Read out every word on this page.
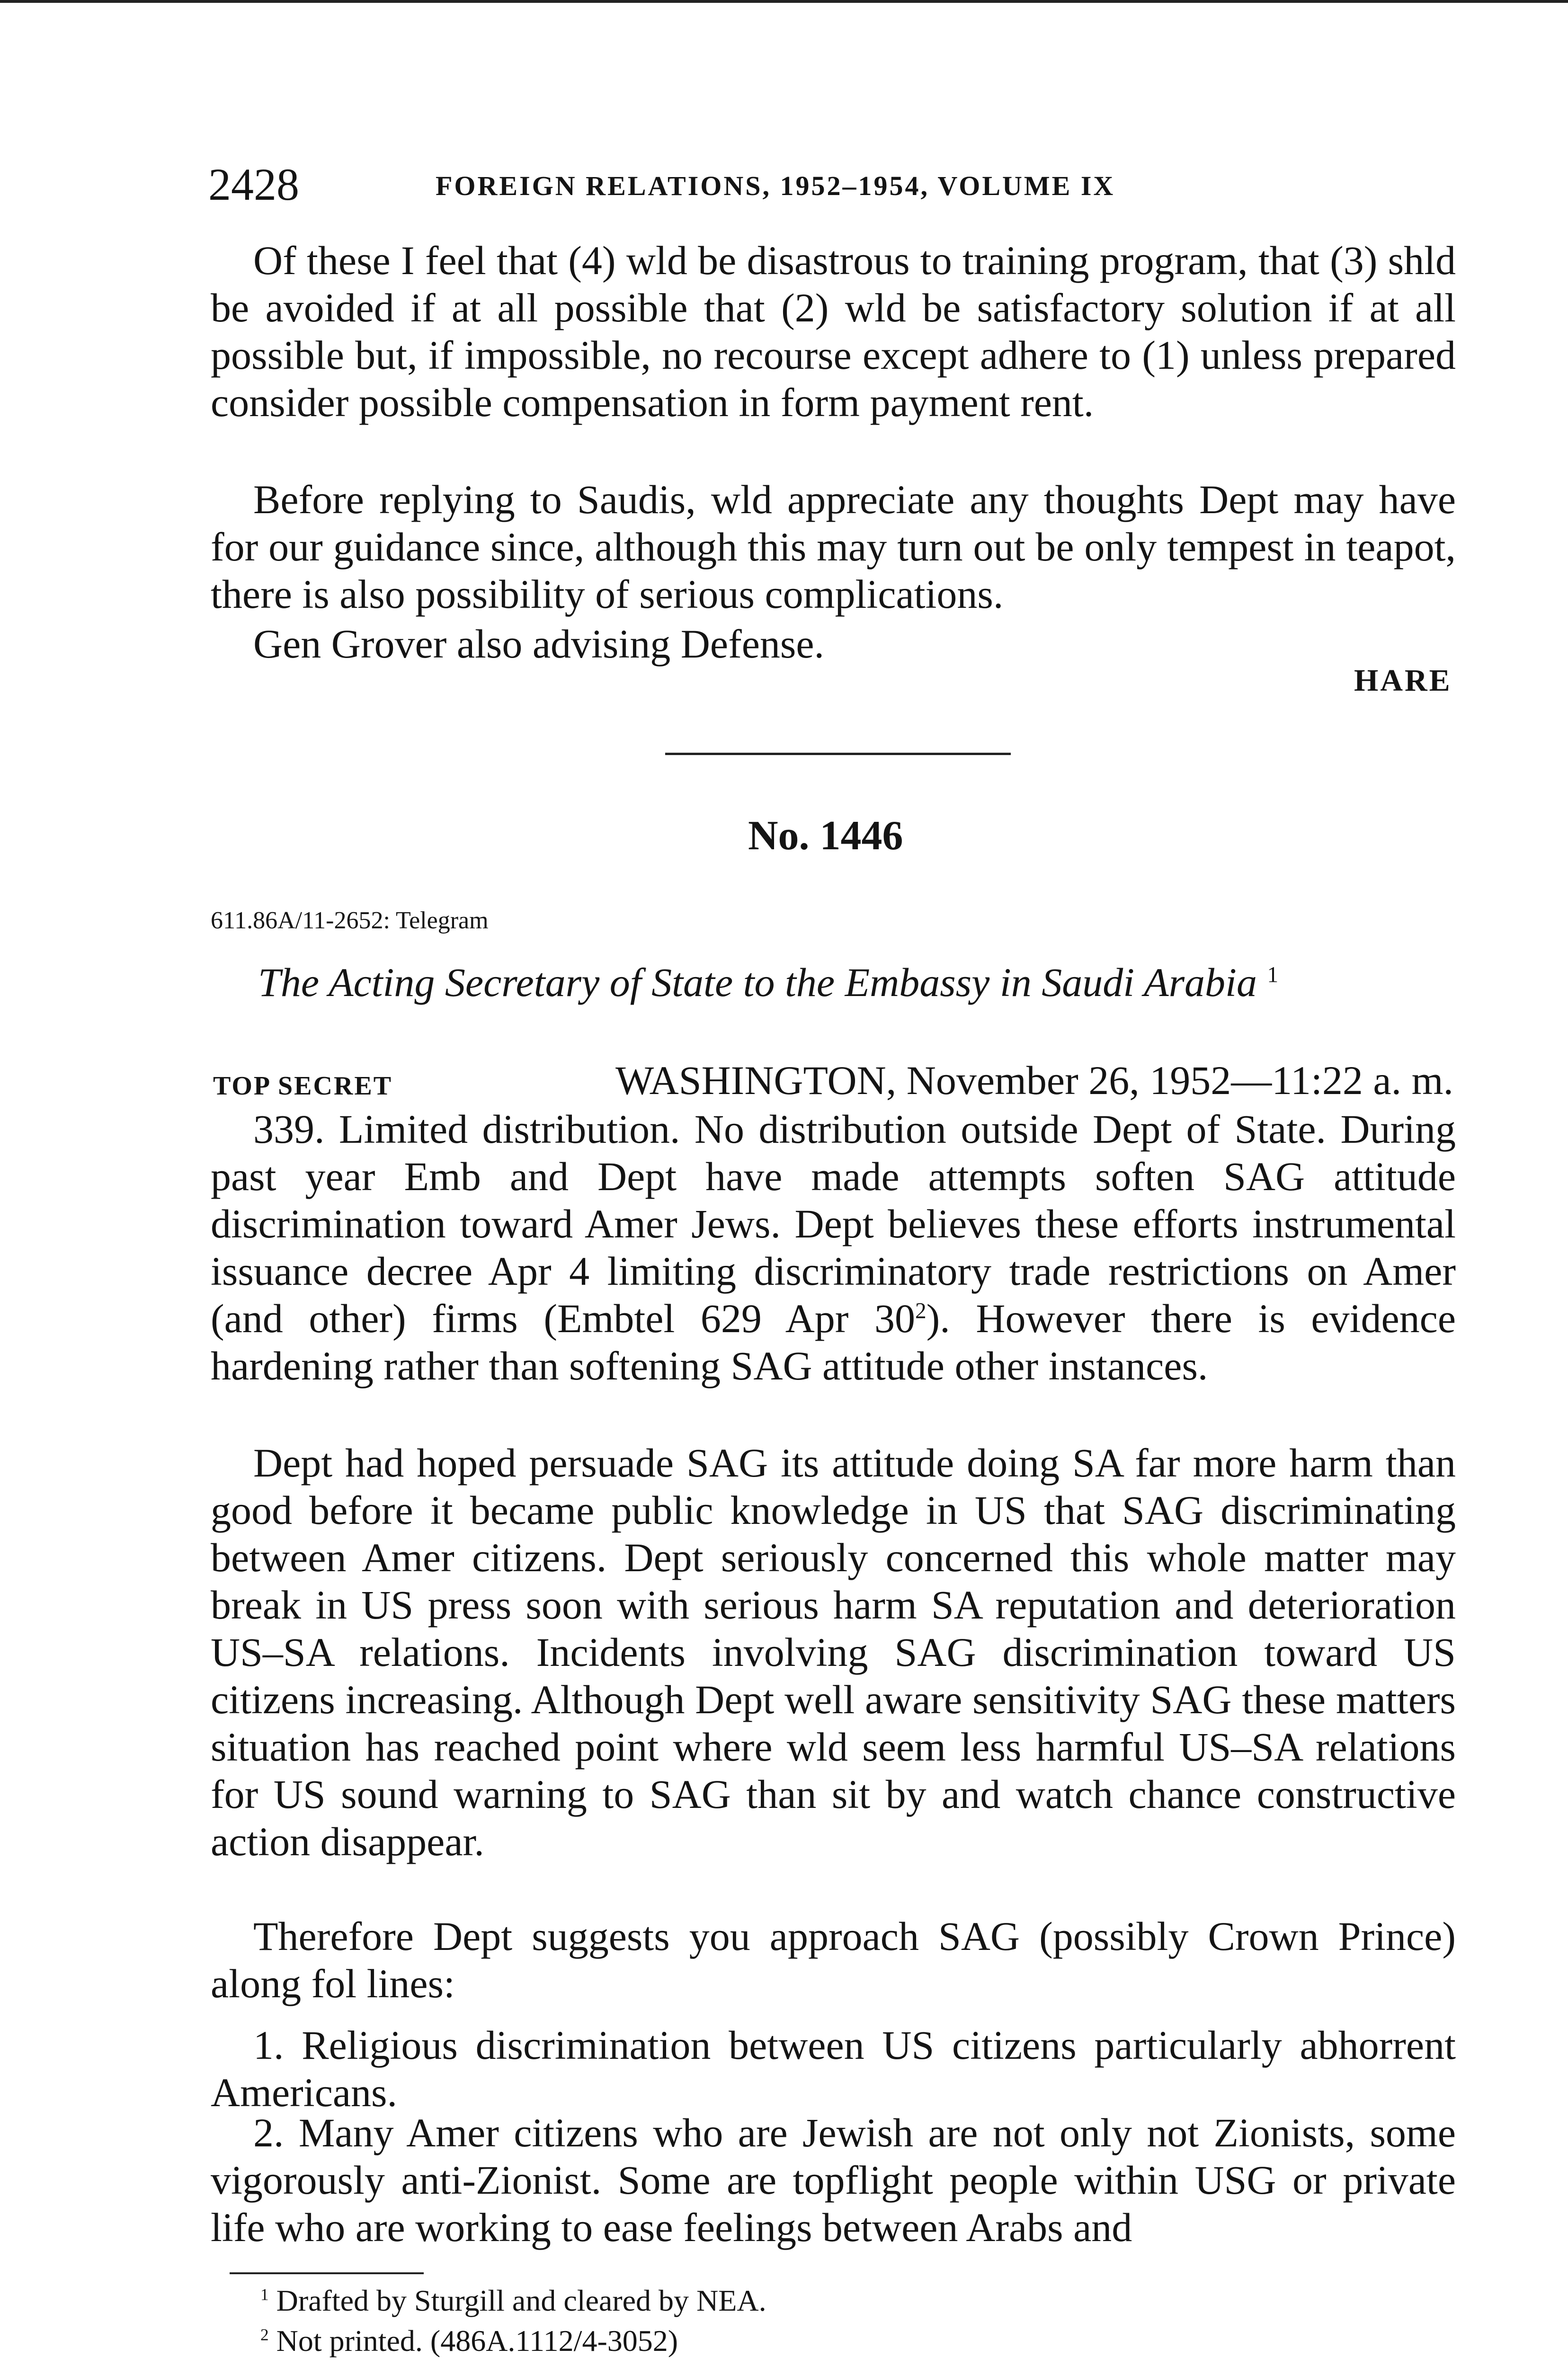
2428	FOREIGN RELATIONS, 1952–1954, VOLUME IX

Of these I feel that (4) wld be disastrous to training program, that (3) shld be avoided if at all possible that (2) wld be satisfactory solution if at all possible but, if impossible, no recourse except adhere to (1) unless prepared consider possible compensation in form payment rent.

Before replying to Saudis, wld appreciate any thoughts Dept may have for our guidance since, although this may turn out be only tempest in teapot, there is also possibility of serious complications.

Gen Grover also advising Defense.

HARE
No. 1446
611.86A/11-2652: Telegram
The Acting Secretary of State to the Embassy in Saudi Arabia $^1$
TOP SECRET	WASHINGTON, November 26, 1952—11:22 a. m.

339. Limited distribution. No distribution outside Dept of State. During past year Emb and Dept have made attempts soften SAG attitude discrimination toward Amer Jews. Dept believes these efforts instrumental issuance decree Apr 4 limiting discriminatory trade restrictions on Amer (and other) firms (Embtel 629 Apr $30^2$). However there is evidence hardening rather than softening SAG attitude other instances.

Dept had hoped persuade SAG its attitude doing SA far more harm than good before it became public knowledge in US that SAG discriminating between Amer citizens. Dept seriously concerned this whole matter may break in US press soon with serious harm SA reputation and deterioration US–SA relations. Incidents involving SAG discrimination toward US citizens increasing. Although Dept well aware sensitivity SAG these matters situation has reached point where wld seem less harmful US–SA relations for US sound warning to SAG than sit by and watch chance constructive action disappear.

Therefore Dept suggests you approach SAG (possibly Crown Prince) along fol lines:

1. Religious discrimination between US citizens particularly abhorrent Americans.

2. Many Amer citizens who are Jewish are not only not Zionists, some vigorously anti-Zionist. Some are topflight people within USG or private life who are working to ease feelings between Arabs and

$^1$ Drafted by Sturgill and cleared by NEA.
$^2$ Not printed. (486A.1112/4-3052)
